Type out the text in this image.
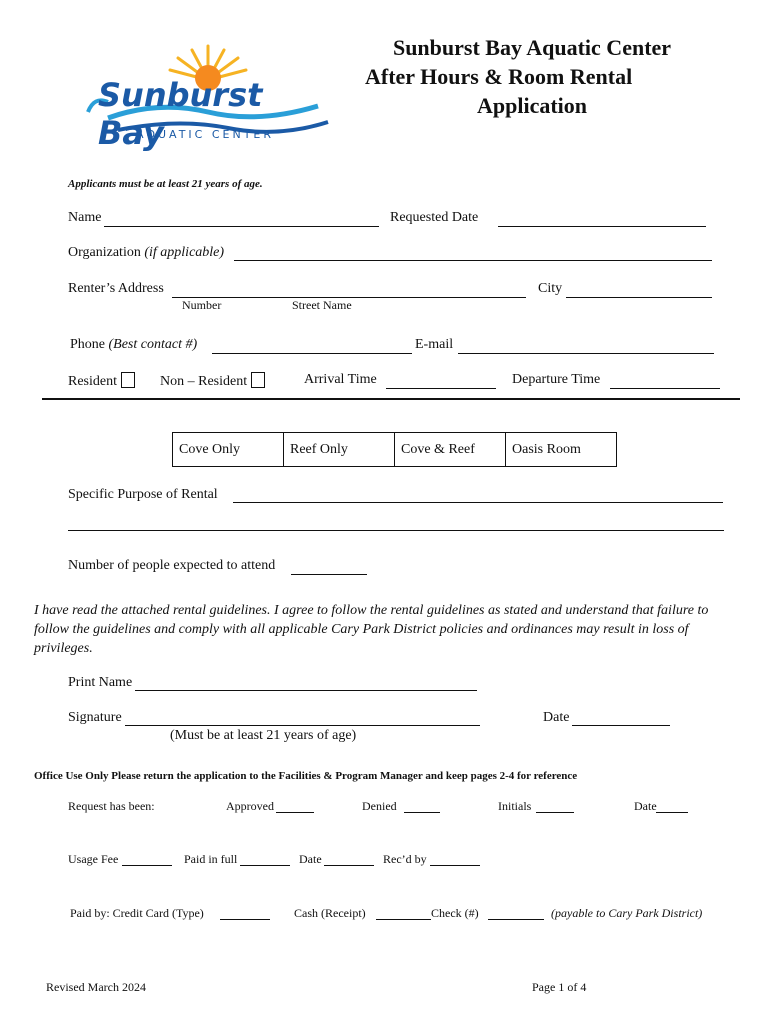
Sunburst Bay
AQUATIC CENTER
Sunburst Bay Aquatic Center
After Hours & Room Rental
Application
Applicants must be at least 21 years of age.
Name	Requested Date
Organization (if applicable)
Renter’s Address
Number	Street Name
City
Phone (Best contact #)	E-mail
Resident	Non – Resident	Arrival Time	Departure Time
Cove Only	Reef Only	Cove & Reef	Oasis Room
Specific Purpose of Rental
Number of people expected to attend
I have read the attached rental guidelines. I agree to follow the rental guidelines as stated and understand that failure to follow the guidelines and comply with all applicable Cary Park District policies and ordinances may result in loss of privileges.
Print Name
Signature	Date
(Must be at least 21 years of age)
Office Use Only Please return the application to the Facilities & Program Manager and keep pages 2-4 for reference
Request has been:	Approved	Denied	Initials	Date
Usage Fee	Paid in full	Date	Rec’d by
Paid by: Credit Card (Type)	Cash (Receipt)	Check (#)	(payable to Cary Park District)
Revised March 2024	Page 1 of 4
